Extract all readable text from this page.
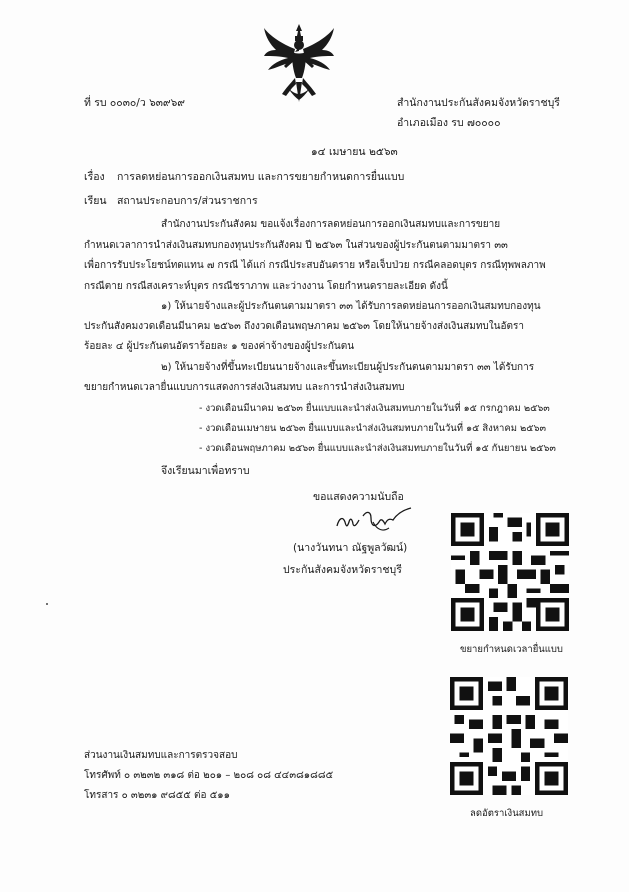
ที่ รบ ๐๐๓๐/ว ๖๓๙๖๙	สำนักงานประกันสังคมจังหวัดราชบุรี
อำเภอเมือง รบ ๗๐๐๐๐
๑๔ เมษายน ๒๕๖๓
เรื่อง การลดหย่อนการออกเงินสมทบ และการขยายกำหนดการยื่นแบบ
เรียน สถานประกอบการ/ส่วนราชการ
สำนักงานประกันสังคม ขอแจ้งเรื่องการลดหย่อนการออกเงินสมทบและการขยาย
กำหนดเวลาการนำส่งเงินสมทบกองทุนประกันสังคม ปี ๒๕๖๓ ในส่วนของผู้ประกันตนตามมาตรา ๓๓
เพื่อการรับประโยชน์ทดแทน ๗ กรณี ได้แก่ กรณีประสบอันตราย หรือเจ็บป่วย กรณีคลอดบุตร กรณีทุพพลภาพ
กรณีตาย กรณีสงเคราะห์บุตร กรณีชราภาพ และว่างงาน โดยกำหนดรายละเอียด ดังนี้
๑) ให้นายจ้างและผู้ประกันตนตามมาตรา ๓๓ ได้รับการลดหย่อนการออกเงินสมทบกองทุน
ประกันสังคมงวดเดือนมีนาคม ๒๕๖๓ ถึงงวดเดือนพฤษภาคม ๒๕๖๓ โดยให้นายจ้างส่งเงินสมทบในอัตรา
ร้อยละ ๔ ผู้ประกันตนอัตราร้อยละ ๑ ของค่าจ้างของผู้ประกันตน
๒) ให้นายจ้างที่ขึ้นทะเบียนนายจ้างและขึ้นทะเบียนผู้ประกันตนตามมาตรา ๓๓ ได้รับการ
ขยายกำหนดเวลายื่นแบบการแสดงการส่งเงินสมทบ และการนำส่งเงินสมทบ
- งวดเดือนมีนาคม ๒๕๖๓ ยื่นแบบและนำส่งเงินสมทบภายในวันที่ ๑๕ กรกฎาคม ๒๕๖๓
- งวดเดือนเมษายน ๒๕๖๓ ยื่นแบบและนำส่งเงินสมทบภายในวันที่ ๑๕ สิงหาคม ๒๕๖๓
- งวดเดือนพฤษภาคม ๒๕๖๓ ยื่นแบบและนำส่งเงินสมทบภายในวันที่ ๑๕ กันยายน ๒๕๖๓
จึงเรียนมาเพื่อทราบ
ขอแสดงความนับถือ
(นางวันทนา ณัฐพูลวัฒน์)
ประกันสังคมจังหวัดราชบุรี
ขยายกำหนดเวลายื่นแบบ
ลดอัตราเงินสมทบ
ส่วนงานเงินสมทบและการตรวจสอบ
โทรศัพท์ ๐ ๓๒๓๒ ๓๑๘ ต่อ ๒๐๑ – ๒๐๘ ๐๘ ๔๔๓๘๑๘๘๕
โทรสาร ๐ ๓๒๓๑ ๙๘๕๕ ต่อ ๕๑๑
